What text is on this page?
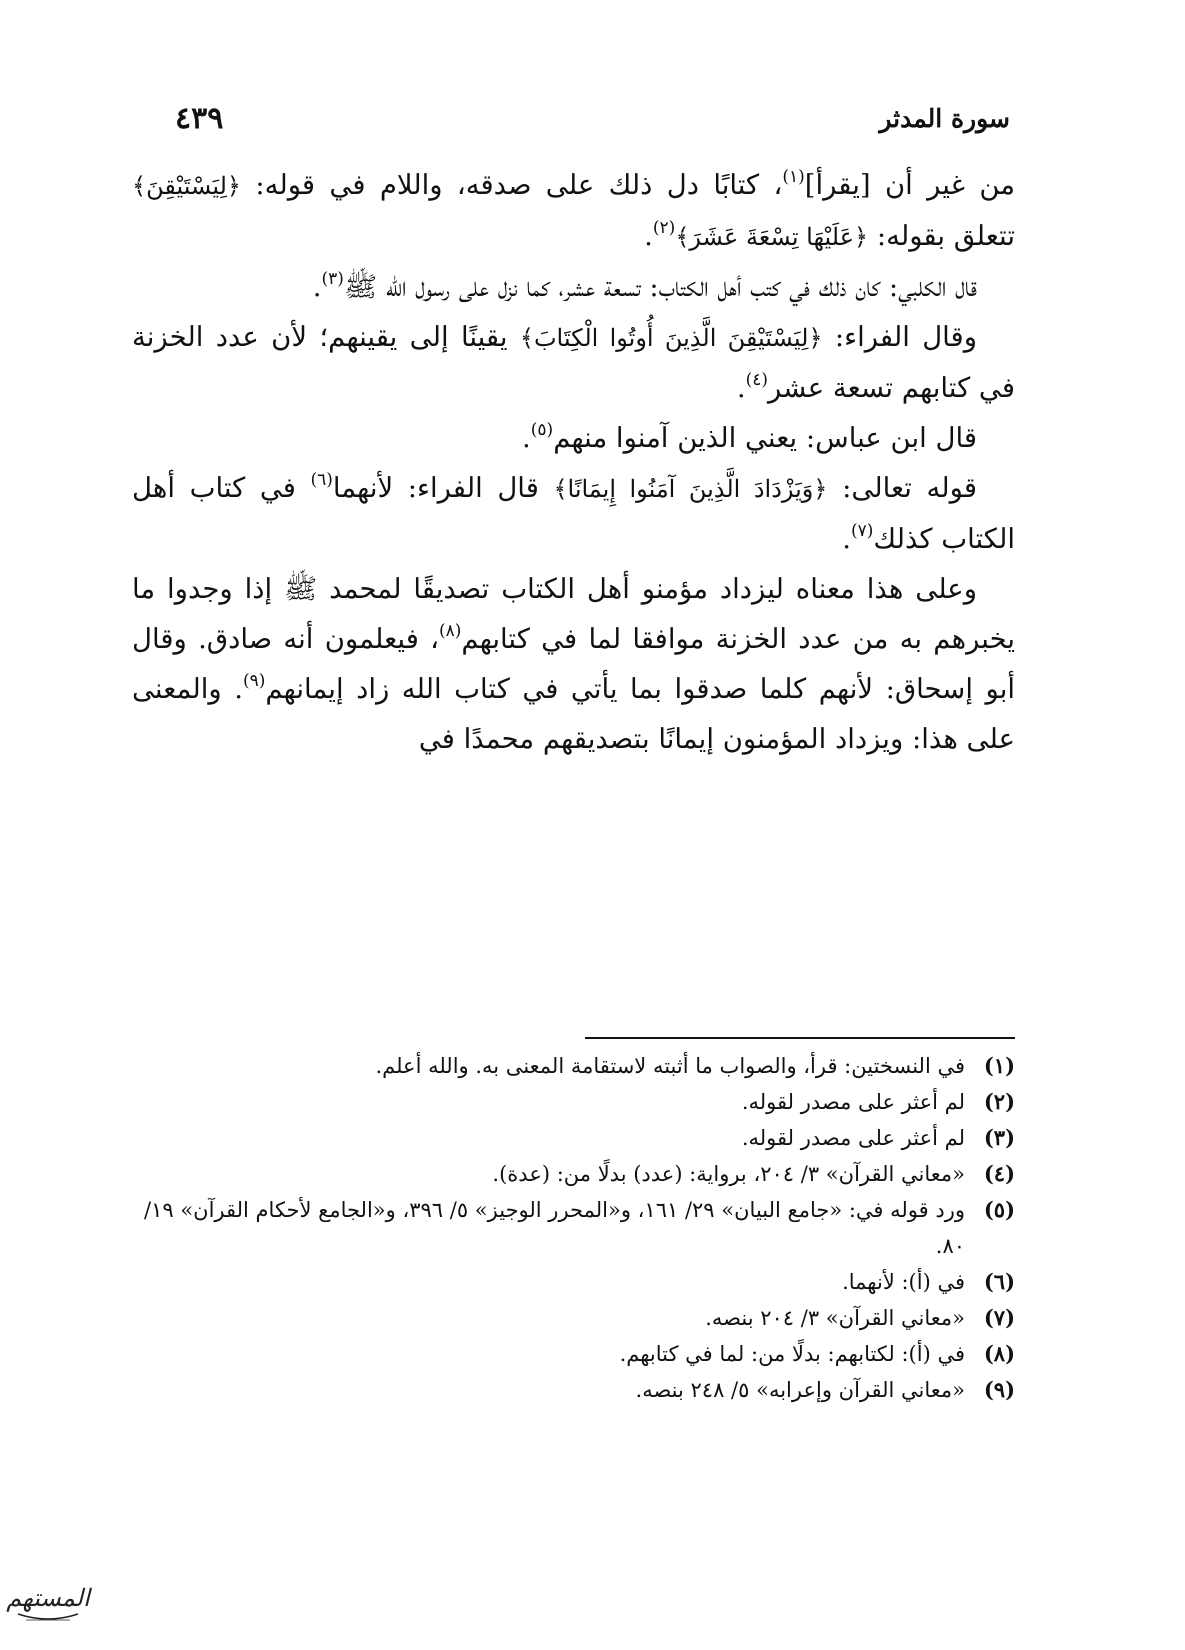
سورة المدثر
٤٣٩

من غير أن [يقرأ]$^{(١)}$، كتابًا دل ذلك على صدقه، واللام في قوله: ﴿لِيَسْتَيْقِنَ﴾ تتعلق بقوله: ﴿عَلَيْهَا تِسْعَةَ عَشَرَ﴾$^{(٢)}$.

قال الكلبي: كان ذلك في كتب أهل الكتاب: تسعة عشر، كما نزل على رسول الله ﷺ$^{(٣)}$.

وقال الفراء: ﴿لِيَسْتَيْقِنَ الَّذِينَ أُوتُوا الْكِتَابَ﴾ يقينًا إلى يقينهم؛ لأن عدد الخزنة في كتابهم تسعة عشر$^{(٤)}$.

قال ابن عباس: يعني الذين آمنوا منهم$^{(٥)}$.

قوله تعالى: ﴿وَيَزْدَادَ الَّذِينَ آمَنُوا إِيمَانًا﴾ قال الفراء: لأنهما$^{(٦)}$ في كتاب أهل الكتاب كذلك$^{(٧)}$.

وعلى هذا معناه ليزداد مؤمنو أهل الكتاب تصديقًا لمحمد ﷺ إذا وجدوا ما يخبرهم به من عدد الخزنة موافقا لما في كتابهم$^{(٨)}$، فيعلمون أنه صادق. وقال أبو إسحاق: لأنهم كلما صدقوا بما يأتي في كتاب الله زاد إيمانهم$^{(٩)}$. والمعنى على هذا: ويزداد المؤمنون إيمانًا بتصديقهم محمدًا في

(١)
في النسختين: قرأ، والصواب ما أثبته لاستقامة المعنى به. والله أعلم.
(٢)
لم أعثر على مصدر لقوله.
(٣)
لم أعثر على مصدر لقوله.
(٤)
«معاني القرآن» ٣/ ٢٠٤، برواية: (عدد) بدلًا من: (عدة).
(٥)
ورد قوله في: «جامع البيان» ٢٩/ ١٦١، و«المحرر الوجيز» ٥/ ٣٩٦، و«الجامع لأحكام القرآن» ١٩/ ٨٠.
(٦)
في (أ): لأنهما.
(٧)
«معاني القرآن» ٣/ ٢٠٤ بنصه.
(٨)
في (أ): لكتابهم: بدلًا من: لما في كتابهم.
(٩)
«معاني القرآن وإعرابه» ٥/ ٢٤٨ بنصه.
المستهم
